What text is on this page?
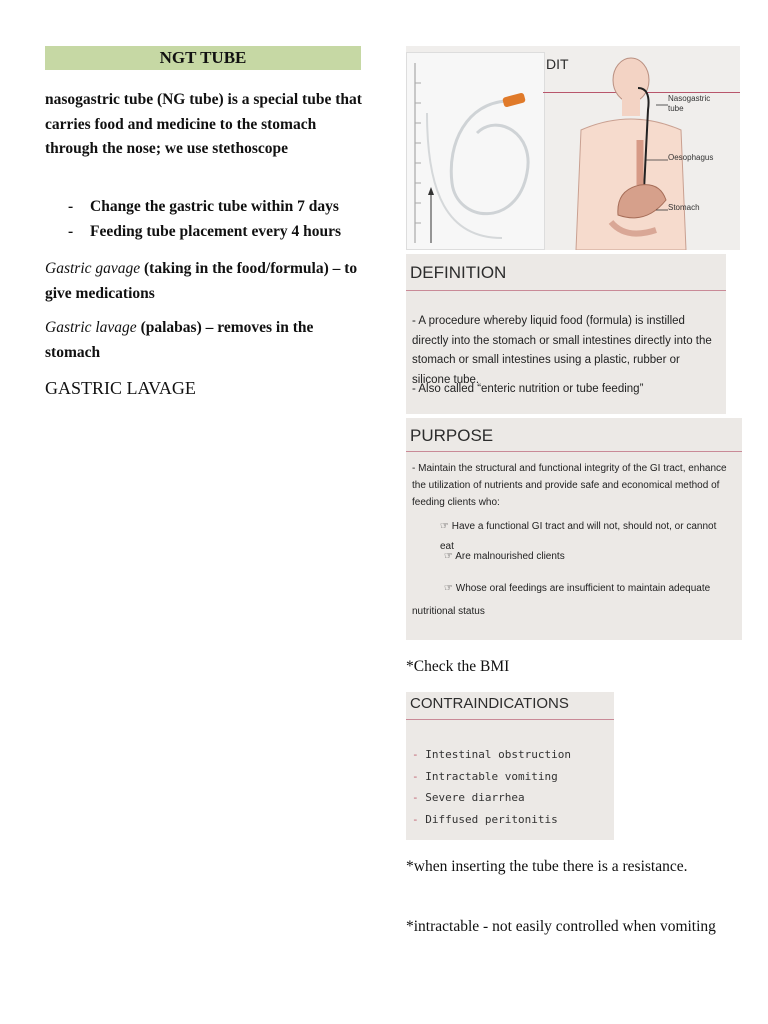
NGT TUBE

nasogastric tube (NG tube) is a special tube that carries food and medicine to the stomach through the nose; we use stethoscope

- Change the gastric tube within 7 days
- Feeding tube placement every 4 hours

Gastric gavage (taking in the food/formula) – to give medications

Gastric lavage (palabas) – removes in the stomach

GASTRIC LAVAGE
DIT
Nasogastric tube
Oesophagus
Stomach
DEFINITION
- A procedure whereby liquid food (formula) is instilled directly into the stomach or small intestines directly into the stomach or small intestines using a plastic, rubber or silicone tube.
- Also called “enteric nutrition or tube feeding”
PURPOSE
- Maintain the structural and functional integrity of the GI tract, enhance the utilization of nutrients and provide safe and economical method of feeding clients who:
☞ Have a functional GI tract and will not, should not, or cannot eat
☞ Are malnourished clients
☞ Whose oral feedings are insufficient to maintain adequate
nutritional status
*Check the BMI
CONTRAINDICATIONS
- Intestinal obstruction
- Intractable vomiting
- Severe diarrhea
- Diffused peritonitis
*when inserting the tube there is a resistance.
*intractable - not easily controlled when vomiting
